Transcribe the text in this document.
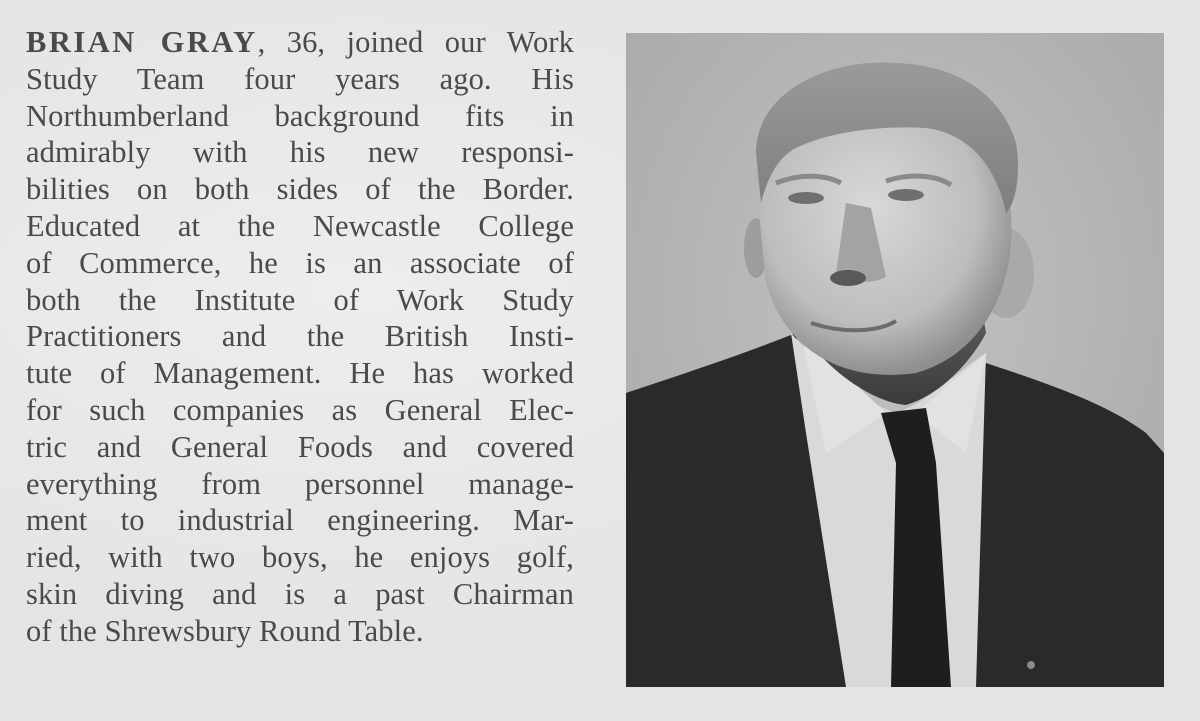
BRIAN GRAY, 36, joined our Work
Study Team four years ago. His
Northumberland background fits in
admirably with his new responsi-
bilities on both sides of the Border.
Educated at the Newcastle College
of Commerce, he is an associate of
both the Institute of Work Study
Practitioners and the British Insti-
tute of Management. He has worked
for such companies as General Elec-
tric and General Foods and covered
everything from personnel manage-
ment to industrial engineering. Mar-
ried, with two boys, he enjoys golf,
skin diving and is a past Chairman
of the Shrewsbury Round Table.
